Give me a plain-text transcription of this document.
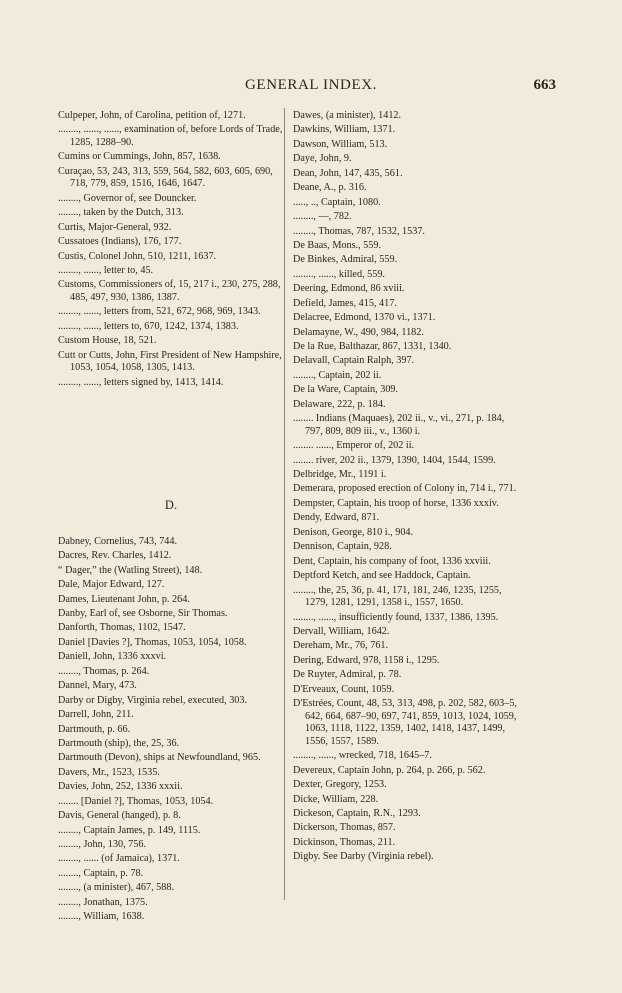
GENERAL INDEX.	663
Culpeper, John, of Carolina, petition of, 1271.
........, ......, ......, examination of, before Lords of Trade, 1285, 1288–90.
Cumins or Cummings, John, 857, 1638.
Curaçao, 53, 243, 313, 559, 564, 582, 603, 605, 690, 718, 779, 859, 1516, 1646, 1647.
........, Governor of, see Douncker.
........, taken by the Dutch, 313.
Curtis, Major-General, 932.
Cussatoes (Indians), 176, 177.
Custis, Colonel John, 510, 1211, 1637.
........, ......, letter to, 45.
Customs, Commissioners of, 15, 217 i., 230, 275, 288, 485, 497, 930, 1386, 1387.
........, ......, letters from, 521, 672, 968, 969, 1343.
........, ......, letters to, 670, 1242, 1374, 1383.
Custom House, 18, 521.
Cutt or Cutts, John, First President of New Hampshire, 1053, 1054, 1058, 1305, 1413.
........, ......, letters signed by, 1413, 1414.
D.
Dabney, Cornelius, 743, 744.
Dacres, Rev. Charles, 1412.
“ Dager,” the (Watling Street), 148.
Dale, Major Edward, 127.
Dames, Lieutenant John, p. 264.
Danby, Earl of, see Osborne, Sir Thomas.
Danforth, Thomas, 1102, 1547.
Daniel [Davies ?], Thomas, 1053, 1054, 1058.
Daniell, John, 1336 xxxvi.
........, Thomas, p. 264.
Dannel, Mary, 473.
Darby or Digby, Virginia rebel, executed, 303.
Darrell, John, 211.
Dartmouth, p. 66.
Dartmouth (ship), the, 25, 36.
Dartmouth (Devon), ships at Newfoundland, 965.
Davers, Mr., 1523, 1535.
Davies, John, 252, 1336 xxxii.
........ [Daniel ?], Thomas, 1053, 1054.
Davis, General (hanged), p. 8.
........, Captain James, p. 149, 1115.
........, John, 130, 756.
........, ...... (of Jamaica), 1371.
........, Captain, p. 78.
........, (a minister), 467, 588.
........, Jonathan, 1375.
........, William, 1638.
Dawes, (a minister), 1412.
Dawkins, William, 1371.
Dawson, William, 513.
Daye, John, 9.
Dean, John, 147, 435, 561.
Deane, A., p. 316.
....., .., Captain, 1080.
........, —, 782.
........, Thomas, 787, 1532, 1537.
De Baas, Mons., 559.
De Binkes, Admiral, 559.
........, ......, killed, 559.
Deering, Edmond, 86 xviii.
Defield, James, 415, 417.
Delacree, Edmond, 1370 vi., 1371.
Delamayne, W., 490, 984, 1182.
De la Rue, Balthazar, 867, 1331, 1340.
Delavall, Captain Ralph, 397.
........, Captain, 202 ii.
De la Ware, Captain, 309.
Delaware, 222, p. 184.
........ Indians (Maquaes), 202 ii., v., vi., 271, p. 184, 797, 809, 809 iii., v., 1360 i.
........ ......, Emperor of, 202 ii.
........ river, 202 ii., 1379, 1390, 1404, 1544, 1599.
Delbridge, Mr., 1191 i.
Demerara, proposed erection of Colony in, 714 i., 771.
Dempster, Captain, his troop of horse, 1336 xxxiv.
Dendy, Edward, 871.
Denison, George, 810 i., 904.
Dennison, Captain, 928.
Dent, Captain, his company of foot, 1336 xxviii.
Deptford Ketch, and see Haddock, Captain.
........, the, 25, 36, p. 41, 171, 181, 246, 1235, 1255, 1279, 1281, 1291, 1358 i., 1557, 1650.
........, ......, insufficiently found, 1337, 1386, 1395.
Dervall, William, 1642.
Dereham, Mr., 76, 761.
Dering, Edward, 978, 1158 i., 1295.
De Ruyter, Admiral, p. 78.
D'Erveaux, Count, 1059.
D'Estrées, Count, 48, 53, 313, 498, p. 202, 582, 603–5, 642, 664, 687–90, 697, 741, 859, 1013, 1024, 1059, 1063, 1118, 1122, 1359, 1402, 1418, 1437, 1499, 1556, 1557, 1589.
........, ......, wrecked, 718, 1645–7.
Devereux, Captain John, p. 264, p. 266, p. 562.
Dexter, Gregory, 1253.
Dicke, William, 228.
Dickeson, Captain, R.N., 1293.
Dickerson, Thomas, 857.
Dickinson, Thomas, 211.
Digby. See Darby (Virginia rebel).
